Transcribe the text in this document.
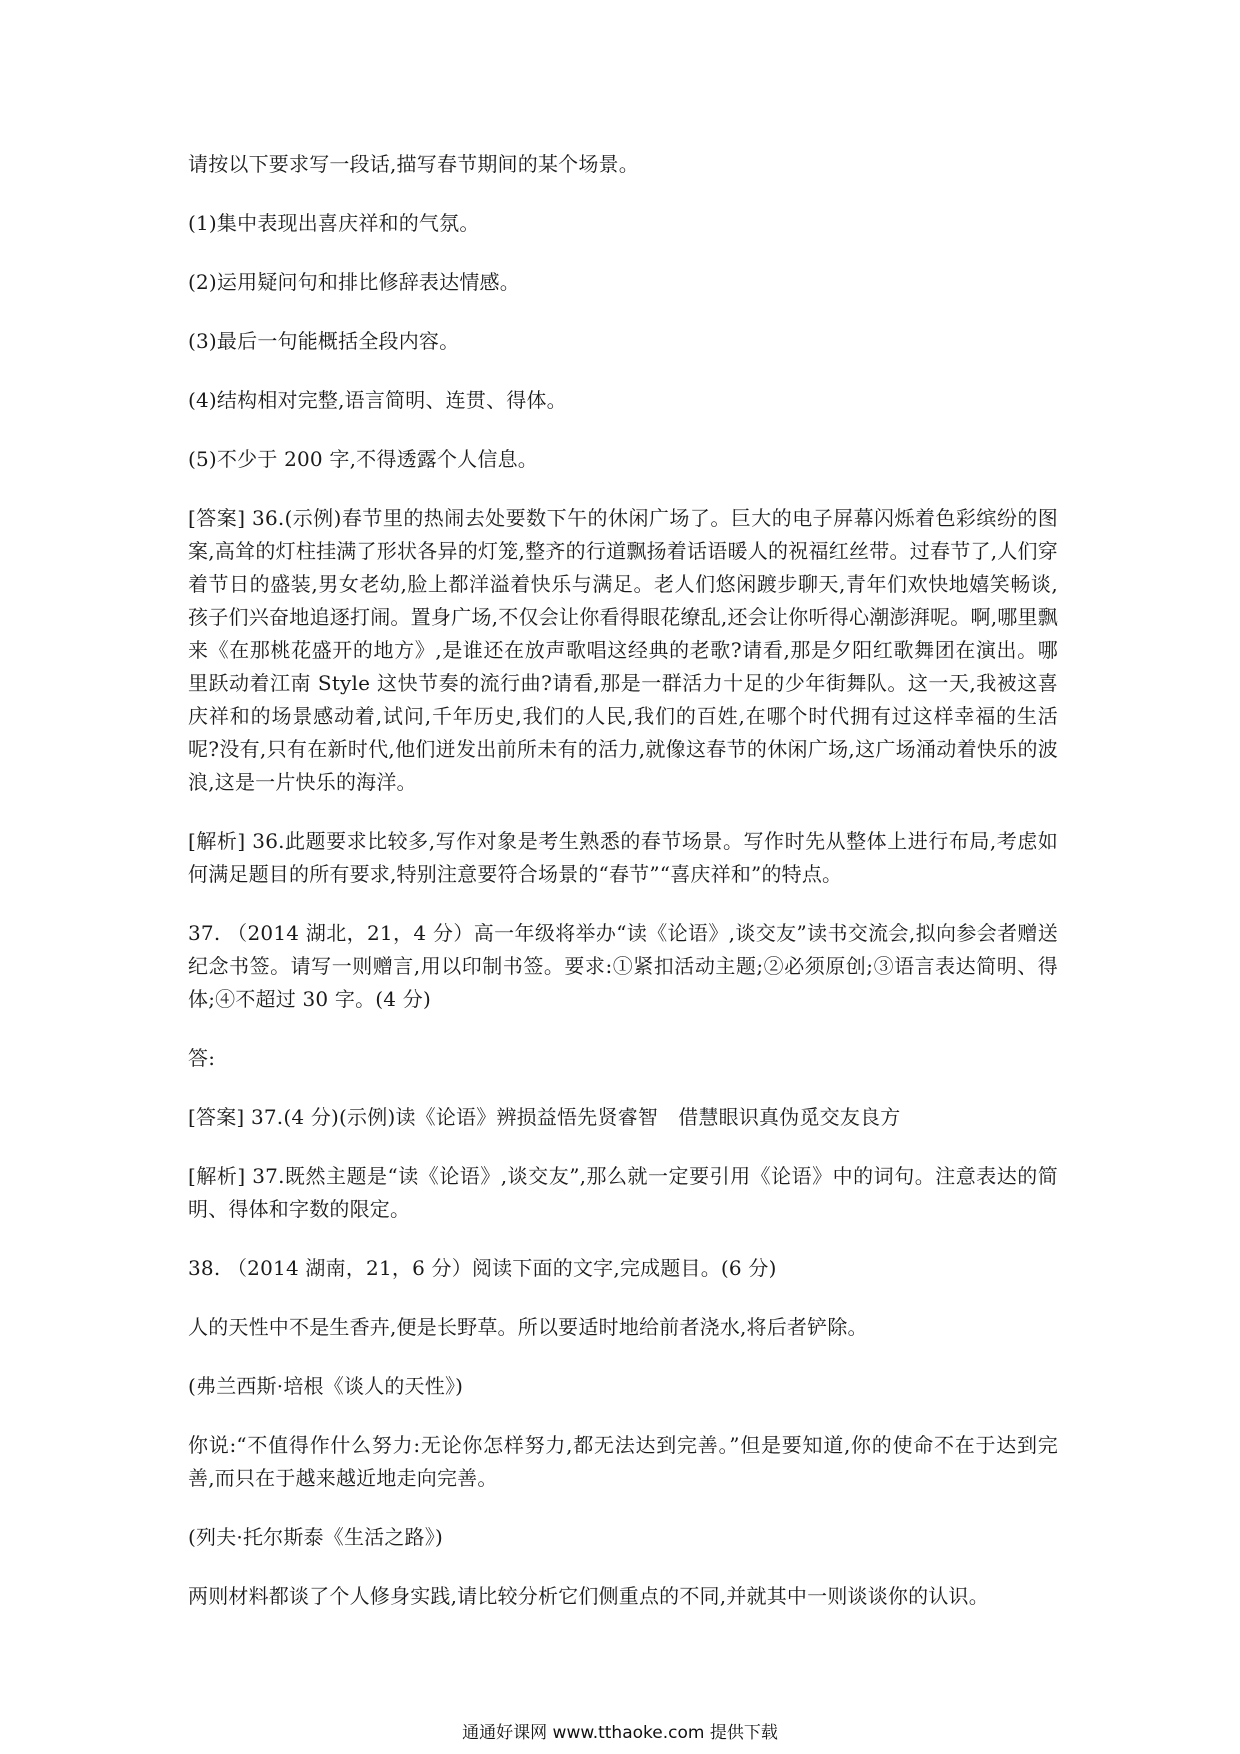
请按以下要求写一段话,描写春节期间的某个场景。

(1)集中表现出喜庆祥和的气氛。

(2)运用疑问句和排比修辞表达情感。

(3)最后一句能概括全段内容。

(4)结构相对完整,语言简明、连贯、得体。

(5)不少于 200 字,不得透露个人信息。

[答案] 36.(示例)春节里的热闹去处要数下午的休闲广场了。巨大的电子屏幕闪烁着色彩缤纷的图案,高耸的灯柱挂满了形状各异的灯笼,整齐的行道飘扬着话语暖人的祝福红丝带。过春节了,人们穿着节日的盛装,男女老幼,脸上都洋溢着快乐与满足。老人们悠闲踱步聊天,青年们欢快地嬉笑畅谈,孩子们兴奋地追逐打闹。置身广场,不仅会让你看得眼花缭乱,还会让你听得心潮澎湃呢。啊,哪里飘来《在那桃花盛开的地方》,是谁还在放声歌唱这经典的老歌?请看,那是夕阳红歌舞团在演出。哪里跃动着江南 Style 这快节奏的流行曲?请看,那是一群活力十足的少年街舞队。这一天,我被这喜庆祥和的场景感动着,试问,千年历史,我们的人民,我们的百姓,在哪个时代拥有过这样幸福的生活呢?没有,只有在新时代,他们迸发出前所未有的活力,就像这春节的休闲广场,这广场涌动着快乐的波浪,这是一片快乐的海洋。

[解析] 36.此题要求比较多,写作对象是考生熟悉的春节场景。写作时先从整体上进行布局,考虑如何满足题目的所有要求,特别注意要符合场景的“春节”“喜庆祥和”的特点。

37. （2014 湖北，21，4 分）高一年级将举办“读《论语》,谈交友”读书交流会,拟向参会者赠送纪念书签。请写一则赠言,用以印制书签。要求:①紧扣活动主题;②必须原创;③语言表达简明、得体;④不超过 30 字。(4 分)

答:

[答案] 37.(4 分)(示例)读《论语》辨损益悟先贤睿智　借慧眼识真伪觅交友良方

[解析] 37.既然主题是“读《论语》,谈交友”,那么就一定要引用《论语》中的词句。注意表达的简明、得体和字数的限定。

38. （2014 湖南，21，6 分）阅读下面的文字,完成题目。(6 分)

人的天性中不是生香卉,便是长野草。所以要适时地给前者浇水,将后者铲除。

(弗兰西斯·培根《谈人的天性》)

你说:“不值得作什么努力:无论你怎样努力,都无法达到完善。”但是要知道,你的使命不在于达到完善,而只在于越来越近地走向完善。

(列夫·托尔斯泰《生活之路》)

两则材料都谈了个人修身实践,请比较分析它们侧重点的不同,并就其中一则谈谈你的认识。

通通好课网 www.tthaoke.com 提供下载
